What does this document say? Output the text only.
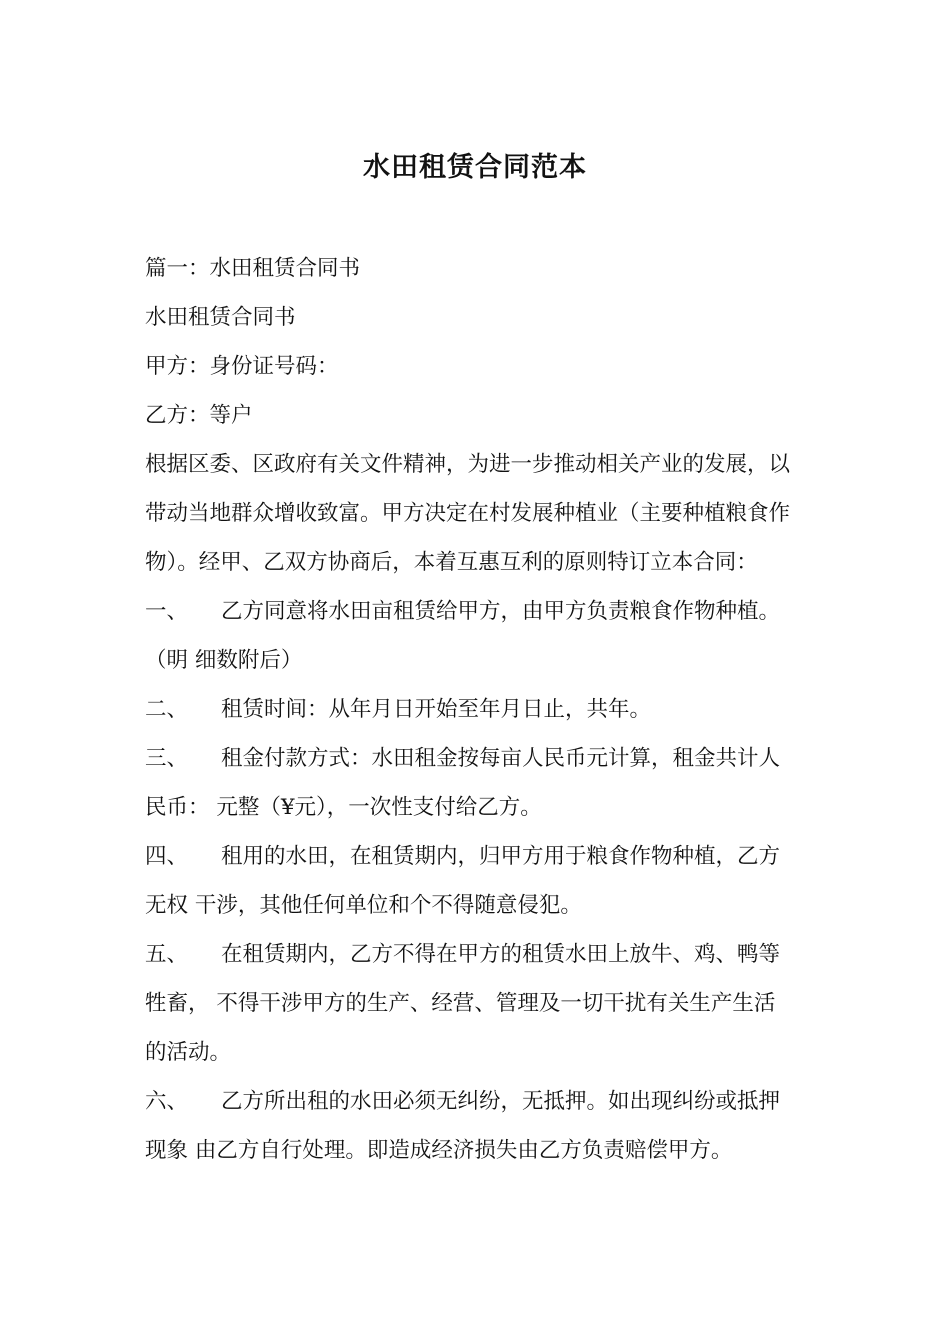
水田租赁合同范本
篇一：水田租赁合同书
水田租赁合同书
甲方：身份证号码：
乙方：等户
根据区委、区政府有关文件精神，为进一步推动相关产业的发展，以
带动当地群众增收致富。甲方决定在村发展种植业（主要种植粮食作
物）。经甲、乙双方协商后，本着互惠互利的原则特订立本合同：
一、 乙方同意将水田亩租赁给甲方，由甲方负责粮食作物种植。
（明 细数附后）
二、 租赁时间：从年月日开始至年月日止，共年。
三、 租金付款方式：水田租金按每亩人民币元计算，租金共计人
民币： 元整（¥元），一次性支付给乙方。
四、 租用的水田，在租赁期内，归甲方用于粮食作物种植，乙方
无权 干涉，其他任何单位和个不得随意侵犯。
五、 在租赁期内，乙方不得在甲方的租赁水田上放牛、鸡、鸭等
牲畜， 不得干涉甲方的生产、经营、管理及一切干扰有关生产生活
的活动。
六、 乙方所出租的水田必须无纠纷，无抵押。如出现纠纷或抵押
现象 由乙方自行处理。即造成经济损失由乙方负责赔偿甲方。
